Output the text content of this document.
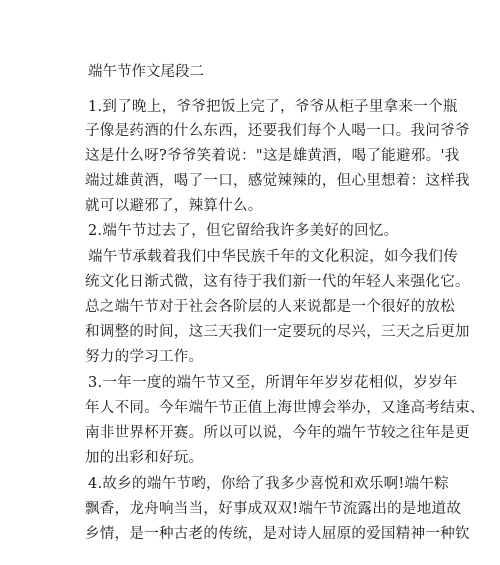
端午节作文尾段二
1.到了晚上，爷爷把饭上完了，爷爷从柜子里拿来一个瓶
子像是药酒的什么东西，还要我们每个人喝一口。我问爷爷
这是什么呀?爷爷笑着说："这是雄黄酒，喝了能避邪。'我
端过雄黄酒，喝了一口，感觉辣辣的，但心里想着：这样我
就可以避邪了，辣算什么。
2.端午节过去了，但它留给我许多美好的回忆。
端午节承载着我们中华民族千年的文化积淀，如今我们传
统文化日渐式微，这有待于我们新一代的年轻人来强化它。
总之端午节对于社会各阶层的人来说都是一个很好的放松
和调整的时间，这三天我们一定要玩的尽兴，三天之后更加
努力的学习工作。
3.一年一度的端午节又至，所谓年年岁岁花相似，岁岁年
年人不同。今年端午节正值上海世博会举办，又逢高考结束、
南非世界杯开赛。所以可以说，今年的端午节较之往年是更
加的出彩和好玩。
4.故乡的端午节哟，你给了我多少喜悦和欢乐啊!端午粽
飘香，龙舟响当当，好事成双双!端午节流露出的是地道故
乡情，是一种古老的传统，是对诗人屈原的爱国精神一种钦
